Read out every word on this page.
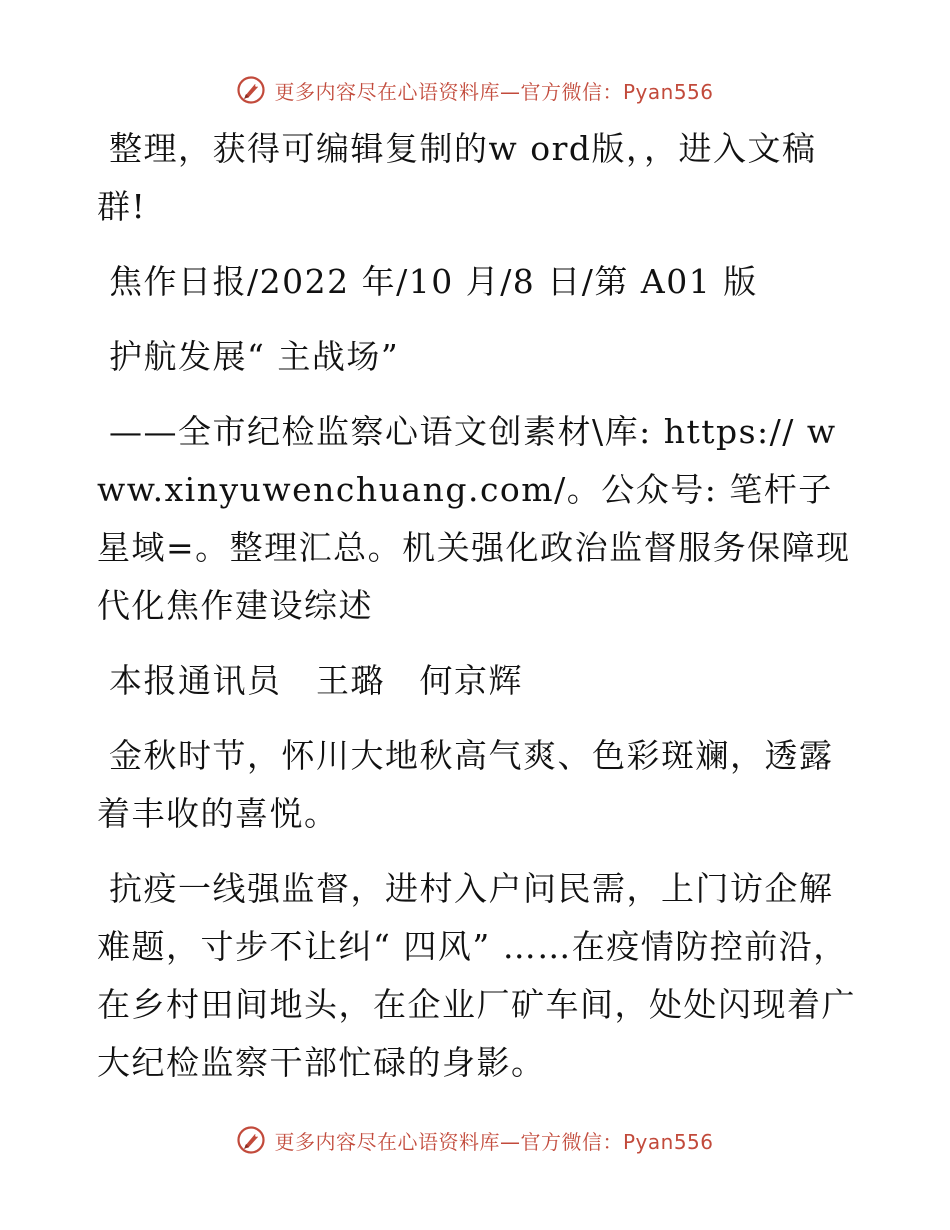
更多内容尽在心语资料库—官方微信：Pyan556

整理，获得可编辑复制的w ord版，，进入文稿群!

焦作日报/2022 年/10 月/8 日/第 A01 版

护航发展“ 主战场”

——全市纪检监察心语文创素材\库: https:// www.xinyuwenchuang.com/。公众号: 笔杆子星域=。整理汇总。机关强化政治监督服务保障现代化焦作建设综述

本报通讯员　王璐　何京辉

金秋时节，怀川大地秋高气爽、色彩斑斓，透露着丰收的喜悦。

抗疫一线强监督，进村入户问民需，上门访企解难题，寸步不让纠“ 四风” ……在疫情防控前沿，在乡村田间地头，在企业厂矿车间，处处闪现着广大纪检监察干部忙碌的身影。

更多内容尽在心语资料库—官方微信：Pyan556
